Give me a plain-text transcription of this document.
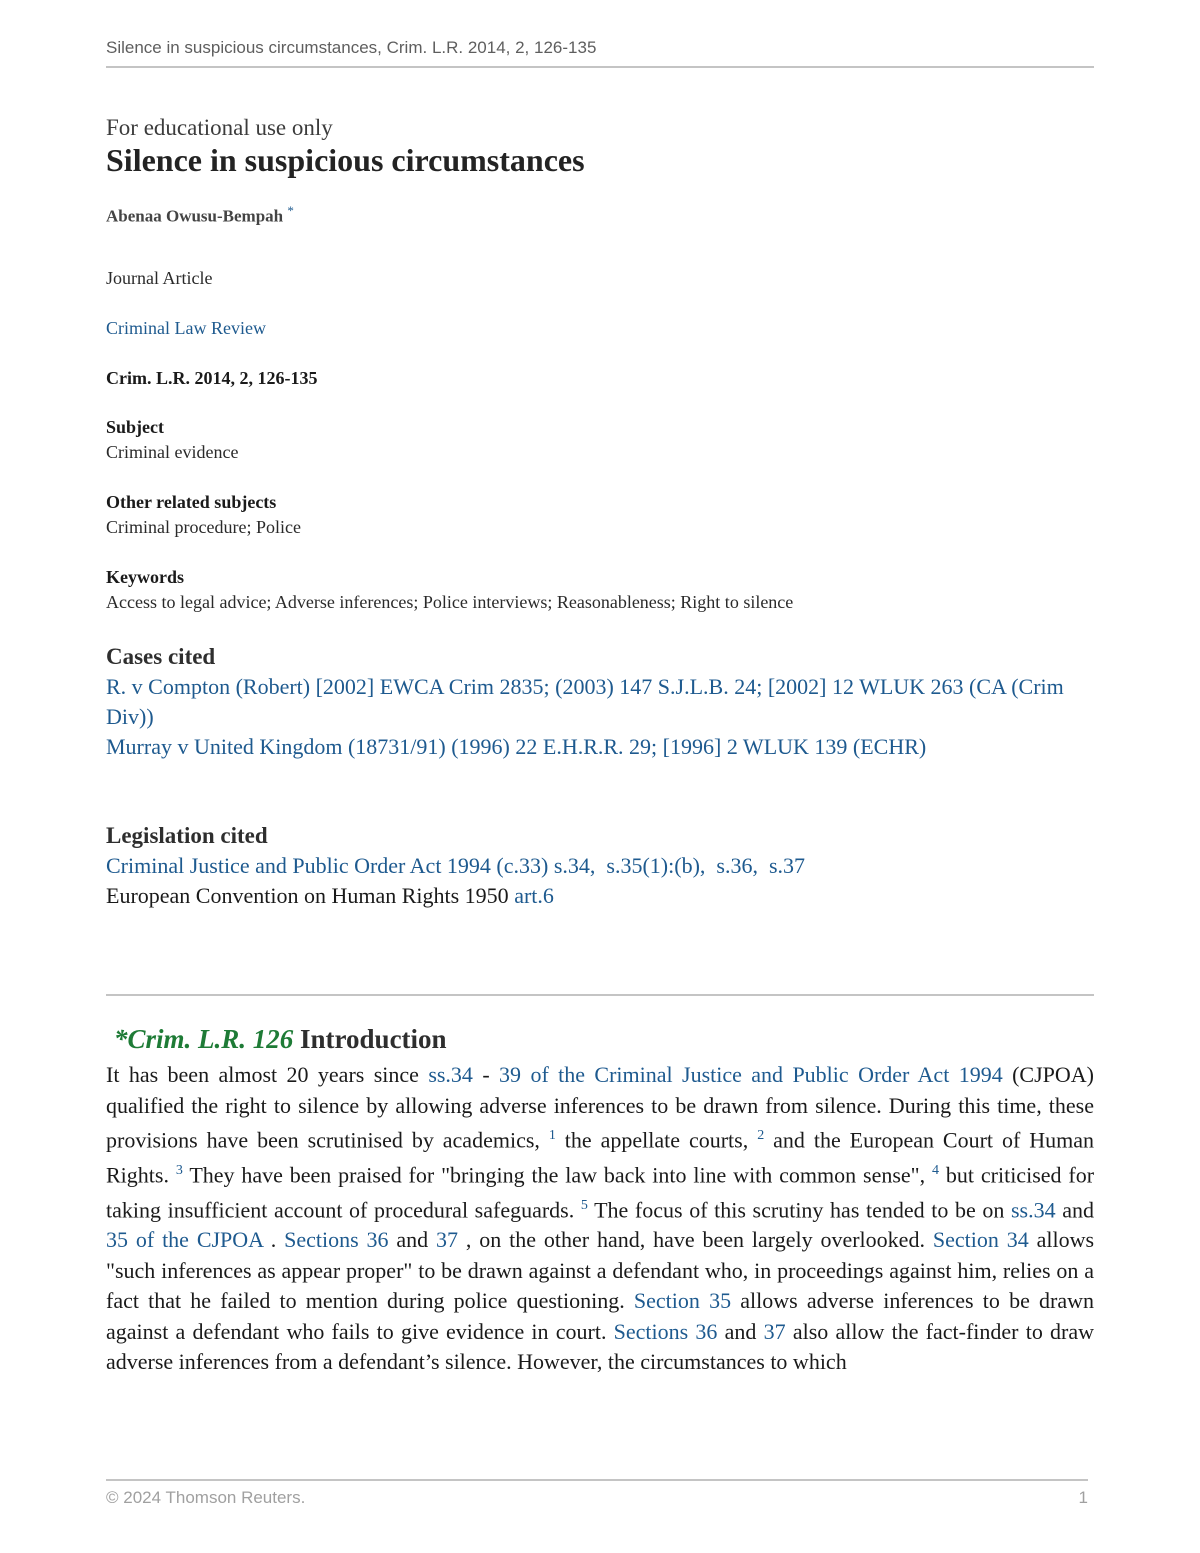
Silence in suspicious circumstances, Crim. L.R. 2014, 2, 126-135
For educational use only
Silence in suspicious circumstances
Abenaa Owusu-Bempah *
Journal Article
Criminal Law Review
Crim. L.R. 2014, 2, 126-135
Subject
Criminal evidence
Other related subjects
Criminal procedure; Police
Keywords
Access to legal advice; Adverse inferences; Police interviews; Reasonableness; Right to silence
Cases cited
R. v Compton (Robert) [2002] EWCA Crim 2835; (2003) 147 S.J.L.B. 24; [2002] 12 WLUK 263 (CA (Crim Div))
Murray v United Kingdom (18731/91) (1996) 22 E.H.R.R. 29; [1996] 2 WLUK 139 (ECHR)
Legislation cited
Criminal Justice and Public Order Act 1994 (c.33) s.34, s.35(1):(b), s.36, s.37
European Convention on Human Rights 1950 art.6
*Crim. L.R. 126 Introduction
It has been almost 20 years since ss.34 - 39 of the Criminal Justice and Public Order Act 1994 (CJPOA) qualified the right to silence by allowing adverse inferences to be drawn from silence. During this time, these provisions have been scrutinised by academics, $^1$ the appellate courts, $^2$ and the European Court of Human Rights. $^3$ They have been praised for "bringing the law back into line with common sense", $^4$ but criticised for taking insufficient account of procedural safeguards. $^5$ The focus of this scrutiny has tended to be on ss.34 and 35 of the CJPOA . Sections 36 and 37 , on the other hand, have been largely overlooked. Section 34 allows "such inferences as appear proper" to be drawn against a defendant who, in proceedings against him, relies on a fact that he failed to mention during police questioning. Section 35 allows adverse inferences to be drawn against a defendant who fails to give evidence in court. Sections 36 and 37 also allow the fact-finder to draw adverse inferences from a defendant’s silence. However, the circumstances to which
© 2024 Thomson Reuters.	1
